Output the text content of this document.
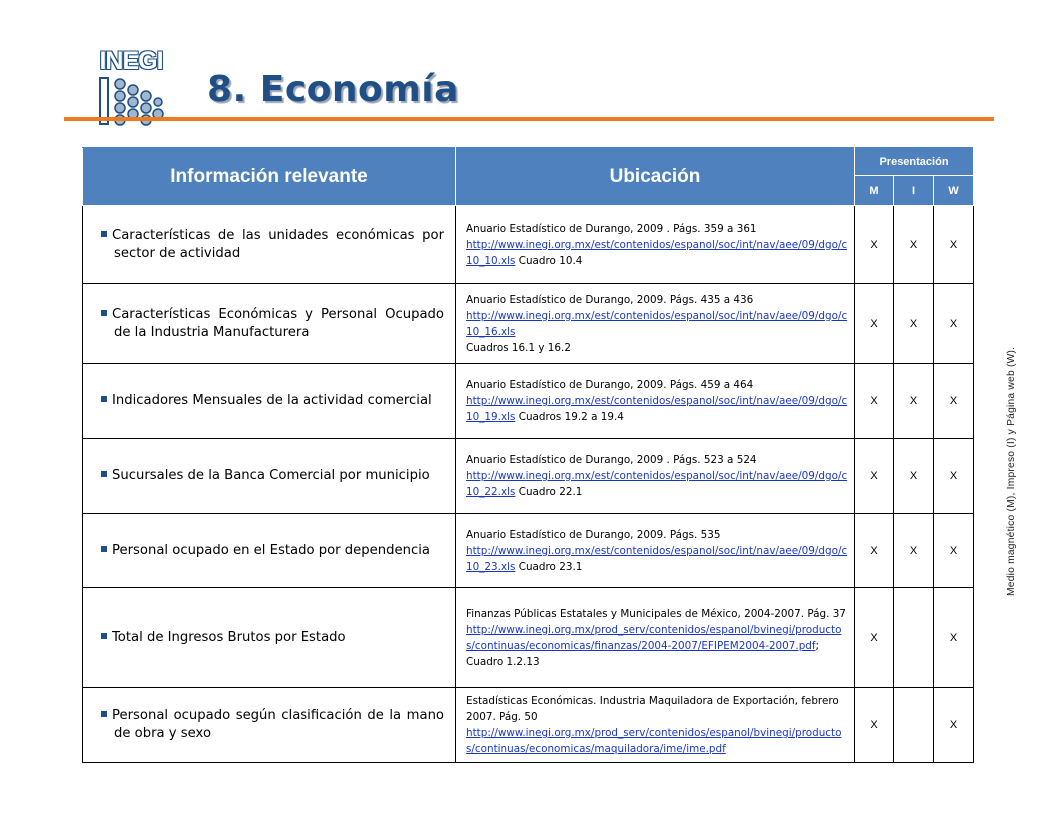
INEGI
8. Economía
Información relevante	Ubicación	Presentación		
		M	I	W

Características de las unidades económicas por sector de actividad	Anuario Estadístico de Durango, 2009 . Págs. 359 a 361
http://www.inegi.org.mx/est/contenidos/espanol/soc/int/nav/aee/09/dgo/c10_10.xls Cuadro 10.4	X	X	X

Características Económicas y Personal Ocupado de la Industria Manufacturera	Anuario Estadístico de Durango, 2009. Págs. 435 a 436
http://www.inegi.org.mx/est/contenidos/espanol/soc/int/nav/aee/09/dgo/c10_16.xls
Cuadros 16.1 y 16.2	X	X	X

Indicadores Mensuales de la actividad comercial	Anuario Estadístico de Durango, 2009. Págs. 459 a 464
http://www.inegi.org.mx/est/contenidos/espanol/soc/int/nav/aee/09/dgo/c10_19.xls Cuadros 19.2 a 19.4	X	X	X

Sucursales de la Banca Comercial por municipio	Anuario Estadístico de Durango, 2009 . Págs. 523 a 524
http://www.inegi.org.mx/est/contenidos/espanol/soc/int/nav/aee/09/dgo/c10_22.xls Cuadro 22.1	X	X	X

Personal ocupado en el Estado por dependencia	Anuario Estadístico de Durango, 2009. Págs. 535
http://www.inegi.org.mx/est/contenidos/espanol/soc/int/nav/aee/09/dgo/c10_23.xls Cuadro 23.1	X	X	X

Total de Ingresos Brutos por Estado	Finanzas Públicas Estatales y Municipales de México, 2004-2007. Pág. 37
http://www.inegi.org.mx/prod_serv/contenidos/espanol/bvinegi/productos/continuas/economicas/finanzas/2004-2007/EFIPEM2004-2007.pdf; Cuadro 1.2.13	X		X

Personal ocupado según clasificación de la mano de obra y sexo	Estadísticas Económicas. Industria Maquiladora de Exportación, febrero 2007. Pág. 50
http://www.inegi.org.mx/prod_serv/contenidos/espanol/bvinegi/productos/continuas/economicas/maquiladora/ime/ime.pdf	X		X
Medio magnético (M), Impreso (I) y Página web (W).
